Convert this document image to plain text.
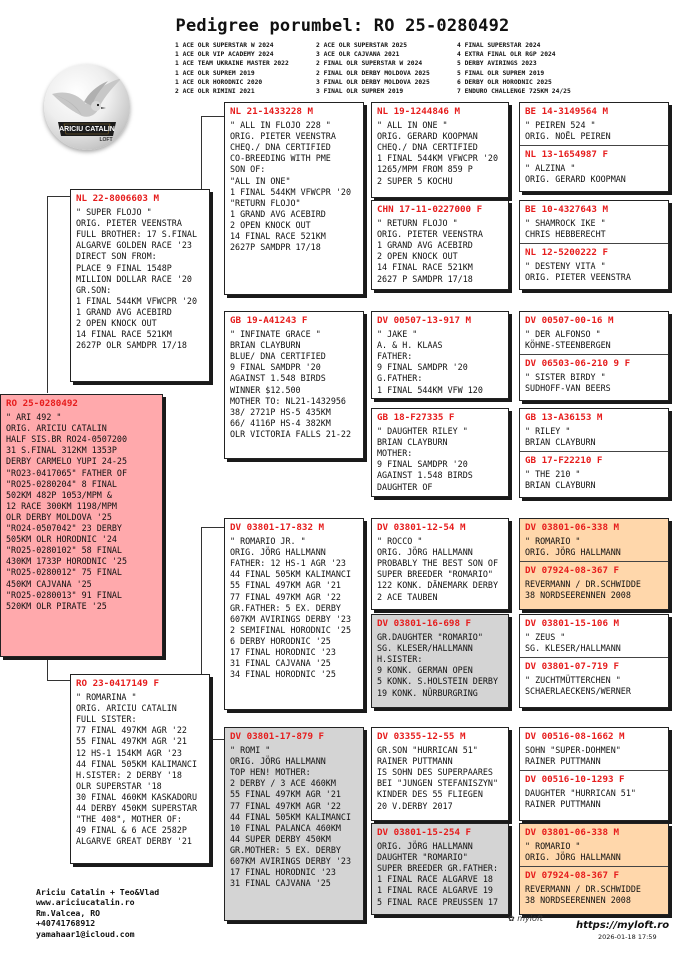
Pedigree porumbel: RO 25-0280492
1 ACE OLR SUPERSTAR W 2024
1 ACE OLR VIP ACADEMY 2024
1 ACE TEAM UKRAINE MASTER 2022
1 ACE OLR SUPREM 2019
1 ACE OLR HORODNIC 2020
2 ACE OLR RIMINI 2021
2 ACE OLR SUPERSTAR 2025
3 ACE OLR CAJVANA 2021
2 FINAL OLR SUPERSTAR W 2024
2 FINAL OLR DERBY MOLDOVA 2025
3 FINAL OLR DERBY MOLDOVA 2025
3 FINAL OLR SUPREM 2019
4 FINAL SUPERSTAR 2024
4 EXTRA FINAL OLR RGP 2024
5 DERBY AVIRINGS 2023
5 FINAL OLR SUPREM 2019
6 DERBY OLR HORODNIC 2025
7 ENDURO CHALLENGE 725KM 24/25
ARICIU CATALIN
LOFT
RO 25-0280492
" ARI 492 "
ORIG. ARICIU CATALIN
HALF SIS.BR RO24-0507200
31 S.FINAL 312KM 1353P
DERBY CARMELO YUPI 24-25
"RO23-0417065" FATHER OF
"RO25-0280204" 8 FINAL
502KM 482P 1053/MPM &
12 RACE 300KM 1198/MPM
OLR DERBY MOLDOVA '25
"RO24-0507042" 23 DERBY
505KM OLR HORODNIC '24
"RO25-0280102" 58 FINAL
430KM 1733P HORODNIC '25
"RO25-0280012" 75 FINAL
450KM CAJVANA '25
"RO25-0280013" 91 FINAL
520KM OLR PIRATE '25
NL 22-8006603 M
" SUPER FLOJO "
ORIG. PIETER VEENSTRA
FULL BROTHER: 17 S.FINAL
ALGARVE GOLDEN RACE '23
DIRECT SON FROM:
PLACE 9 FINAL 1548P
MILLION DOLLAR RACE '20
GR.SON:
1 FINAL 544KM VFWCPR '20
1 GRAND AVG ACEBIRD
2 OPEN KNOCK OUT
14 FINAL RACE 521KM
2627P OLR SAMDPR 17/18
RO 23-0417149 F
" ROMARINA "
ORIG. ARICIU CATALIN
FULL SISTER:
77 FINAL 497KM AGR '22
55 FINAL 497KM AGR '21
12 HS-1 154KM AGR '23
44 FINAL 505KM KALIMANCI
H.SISTER: 2 DERBY '18
OLR SUPERSTAR '18
30 FINAL 460KM KASKADORU
44 DERBY 450KM SUPERSTAR
"THE 408", MOTHER OF:
49 FINAL & 6 ACE 2582P
ALGARVE GREAT DERBY '21
NL 21-1433228 M
" ALL IN FLOJO 228 "
ORIG. PIETER VEENSTRA
CHEQ./ DNA CERTIFIED
CO-BREEDING WITH PME
SON OF:
"ALL IN ONE"
1 FINAL 544KM VFWCPR '20
"RETURN FLOJO"
1 GRAND AVG ACEBIRD
2 OPEN KNOCK OUT
14 FINAL RACE 521KM
2627P SAMDPR 17/18
GB 19-A41243 F
" INFINATE GRACE "
BRIAN CLAYBURN
BLUE/ DNA CERTIFIED
9 FINAL SAMDPR '20
AGAINST 1.548 BIRDS
WINNER $12.500
MOTHER TO: NL21-1432956
38/ 2721P HS-5 435KM
66/ 4116P HS-4 382KM
OLR VICTORIA FALLS 21-22
DV 03801-17-832 M
" ROMARIO JR. "
ORIG. JÖRG HALLMANN
FATHER: 12 HS-1 AGR '23
44 FINAL 505KM KALIMANCI
55 FINAL 497KM AGR '21
77 FINAL 497KM AGR '22
GR.FATHER: 5 EX. DERBY
607KM AVIRINGS DERBY '23
2 SEMIFINAL HORODNIC '25
6 DERBY HORODNIC '25
17 FINAL HORODNIC '23
31 FINAL CAJVANA '25
34 FINAL HORODNIC '25
DV 03801-17-879 F
" ROMI "
ORIG. JÖRG HALLMANN
TOP HEN! MOTHER:
2 DERBY / 3 ACE 460KM
55 FINAL 497KM AGR '21
77 FINAL 497KM AGR '22
44 FINAL 505KM KALIMANCI
10 FINAL PALANCA 460KM
44 SUPER DERBY 450KM
GR.MOTHER: 5 EX. DERBY
607KM AVIRINGS DERBY '23
17 FINAL HORODNIC '23
31 FINAL CAJVANA '25
NL 19-1244846 M
" ALL IN ONE "
ORIG. GERARD KOOPMAN
CHEQ./ DNA CERTIFIED
1 FINAL 544KM VFWCPR '20
1265/MPM FROM 859 P
2 SUPER 5 KOCHU
CHN 17-11-0227000 F
" RETURN FLOJO "
ORIG. PIETER VEENSTRA
1 GRAND AVG ACEBIRD
2 OPEN KNOCK OUT
14 FINAL RACE 521KM
2627 P SAMDPR 17/18
DV 00507-13-917 M
" JAKE "
A. & H. KLAAS
FATHER:
9 FINAL SAMDPR '20
G.FATHER:
1 FINAL 544KM VFW 120
GB 18-F27335 F
" DAUGHTER RILEY "
BRIAN CLAYBURN
MOTHER:
9 FINAL SAMDPR '20
AGAINST 1.548 BIRDS
DAUGHTER OF
DV 03801-12-54 M
" ROCCO "
ORIG. JÖRG HALLMANN
PROBABLY THE BEST SON OF
SUPER BREEDER "ROMARIO"
122 KONK. DÄNEMARK DERBY
2 ACE TAUBEN
DV 03801-16-698 F
GR.DAUGHTER "ROMARIO"
SG. KLESER/HALLMANN
H.SISTER:
9 KONK. GERMAN OPEN
5 KONK. S.HOLSTEIN DERBY
19 KONK. NÜRBURGRING
DV 03355-12-55 M
GR.SON "HURRICAN 51"
RAINER PUTTMANN
IS SOHN DES SUPERPAARES
BEI "JUNGEN STEFANISZYN"
KINDER DES 55 FLIEGEN
20 V.DERBY 2017
DV 03801-15-254 F
ORIG. JÖRG HALLMANN
DAUGHTER "ROMARIO"
SUPER BREEDER GR.FATHER:
1 FINAL RACE ALGARVE 18
1 FINAL RACE ALGARVE 19
5 FINAL RACE PREUSSEN 17
BE 14-3149564 M
" PEIREN 524 "
ORIG. NOËL PEIREN
NL 13-1654987 F
" ALZINA "
ORIG. GERARD KOOPMAN
BE 10-4327643 M
" SHAMROCK IKE "
CHRIS HEBBERECHT
NL 12-5200222 F
" DESTENY VITA "
ORIG. PIETER VEENSTRA
DV 00507-00-16 M
" DER ALFONSO "
KÖHNE-STEENBERGEN
DV 06503-06-210 9 F
" SISTER BIRDY "
SUDHOFF-VAN BEERS
GB 13-A36153 M
" RILEY "
BRIAN CLAYBURN
GB 17-F22210 F
" THE 210 "
BRIAN CLAYBURN
DV 03801-06-338 M
" ROMARIO "
ORIG. JÖRG HALLMANN
DV 07924-08-367 F
REVERMANN / DR.SCHWIDDE
38 NORDSEERENNEN 2008
DV 03801-15-106 M
" ZEUS "
SG. KLESER/HALLMANN
DV 03801-07-719 F
" ZUCHTMÜTTERCHEN "
SCHAERLAECKENS/WERNER
DV 00516-08-1662 M
SOHN "SUPER-DOHMEN"
RAINER PUTTMANN
DV 00516-10-1293 F
DAUGHTER "HURRICAN 51"
RAINER PUTTMANN
DV 03801-06-338 M
" ROMARIO "
ORIG. JÖRG HALLMANN
DV 07924-08-367 F
REVERMANN / DR.SCHWIDDE
38 NORDSEERENNEN 2008
Ariciu Catalin + Teo&Vlad
www.ariciucatalin.ro
Rm.Valcea, RO
+40741768912
yamahaar1@icloud.com
✿ myloft
https://myloft.ro
2026-01-18 17:59
